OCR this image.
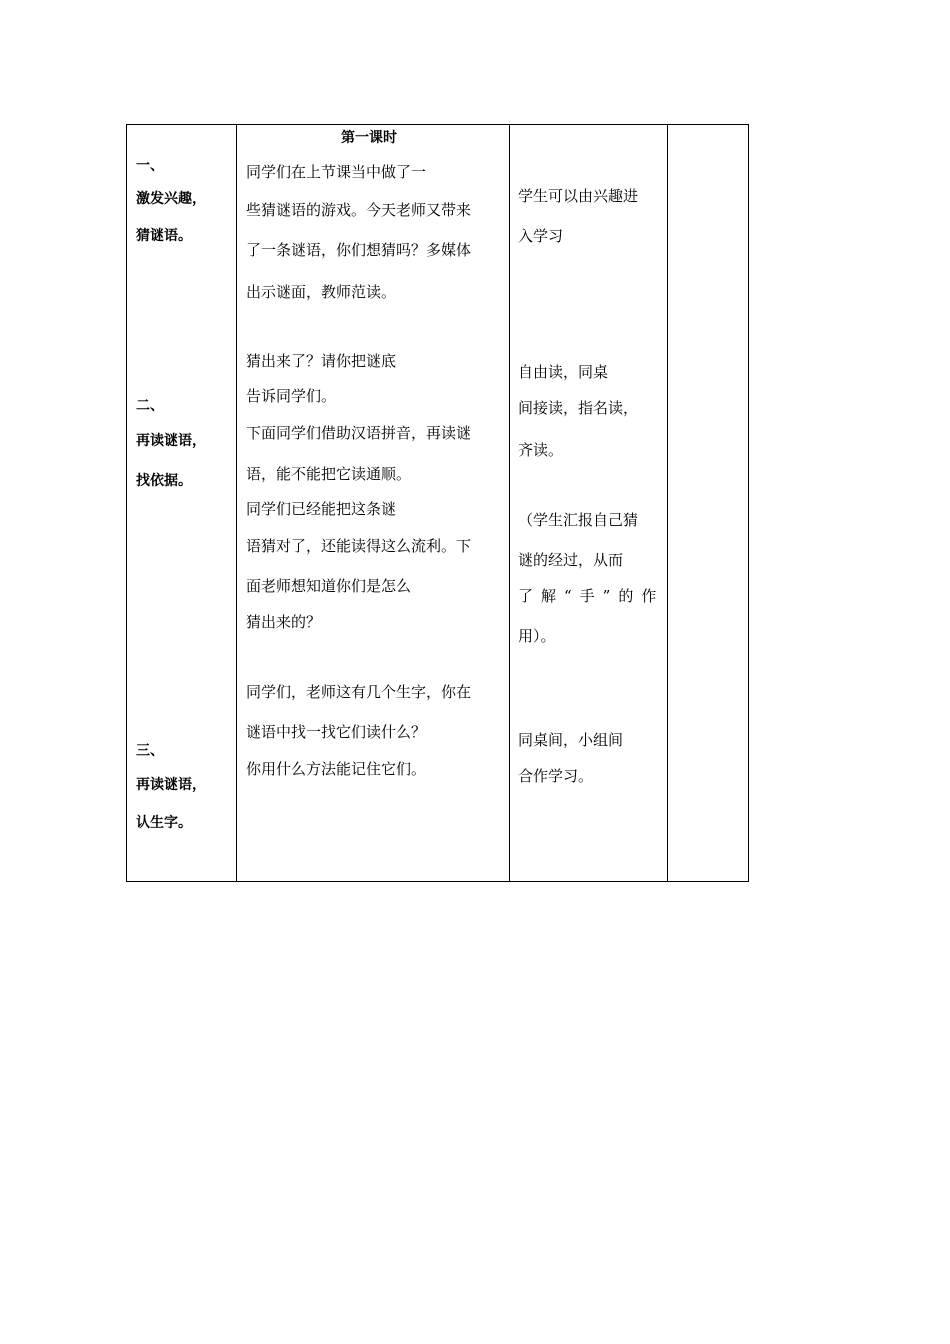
第一课时
一、
激发兴趣，
猜谜语。
二、
再读谜语，
找依据。
三、
再读谜语，
认生字。
同学们在上节课当中做了一
些猜谜语的游戏。今天老师又带来
了一条谜语，你们想猜吗？多媒体
出示谜面，教师范读。
猜出来了？请你把谜底
告诉同学们。
下面同学们借助汉语拼音，再读谜
语，能不能把它读通顺。
同学们已经能把这条谜
语猜对了，还能读得这么流利。下
面老师想知道你们是怎么
猜出来的？
同学们，老师这有几个生字，你在
谜语中找一找它们读什么？
你用什么方法能记住它们。
学生可以由兴趣进
入学习
自由读，同桌
间接读，指名读，
齐读。
（学生汇报自己猜
谜的经过，从而
了解“手”的作
用）。
同桌间，小组间
合作学习。
